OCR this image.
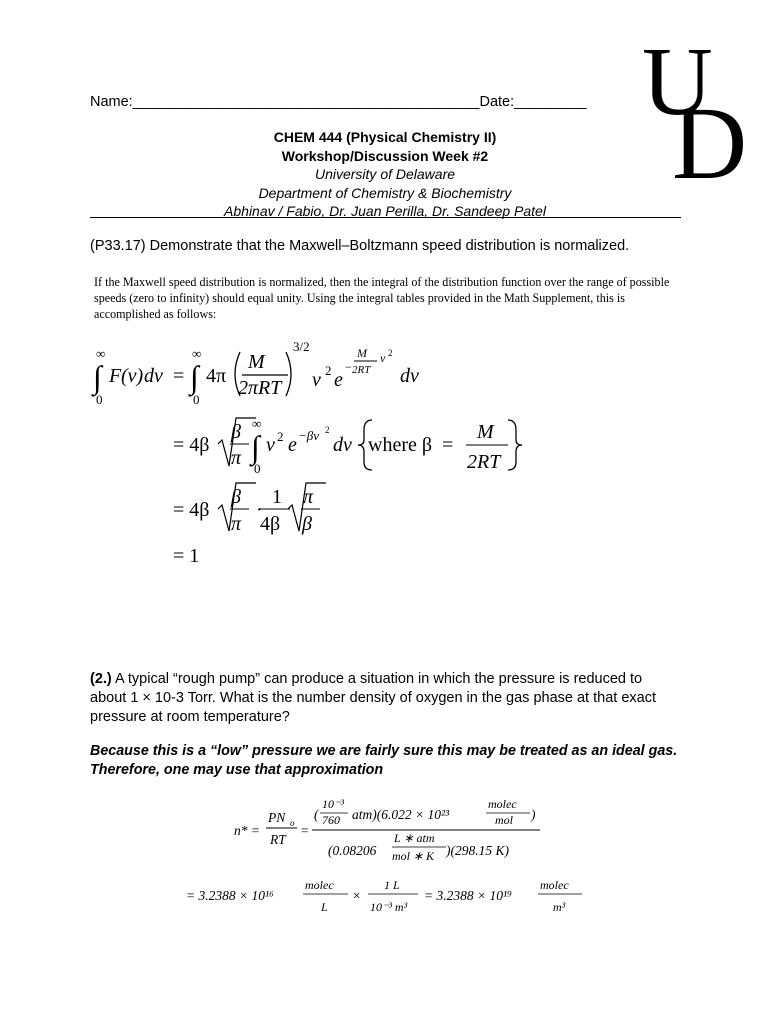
U
D
Name:___________________________________________Date:_________
CHEM 444 (Physical Chemistry II)
Workshop/Discussion Week #2
University of Delaware
Department of Chemistry & Biochemistry
Abhinav / Fabio, Dr. Juan Perilla, Dr. Sandeep Patel
(P33.17) Demonstrate that the Maxwell–Boltzmann speed distribution is normalized.
If the Maxwell speed distribution is normalized, then the integral of the distribution function over the range of possible speeds (zero to infinity) should equal unity. Using the integral tables provided in the Math Supplement, this is accomplished as follows:
∞
0
∫ F (ν) dν =
∞
0
∫ 4π
M
2πRT
3/2
ν 2 e
−
M
2RT
ν 2
dν
= 4β
β
π
∞
0
∫ ν 2 e −βν 2
dν where β =
M
2RT
= 4β
β
π
·
1
4β
π
β
= 1
(2.) A typical “rough pump” can produce a situation in which the pressure is reduced to about 1 × 10-3 Torr. What is the number density of oxygen in the gas phase at that exact pressure at room temperature?
Because this is a “low” pressure we are fairly sure this may be treated as an ideal gas. Therefore, one may use that approximation
n* =
PN o
RT
=
(
10⁻³
760 atm)(6.022 × 10²³
molec
mol )
(0.08206
L ∗ atm
mol ∗ K )(298.15 K)
= 3.2388 × 10¹⁶
molec
L
×
1 L
10⁻³ m³
= 3.2388 × 10¹⁹
molec
m³
